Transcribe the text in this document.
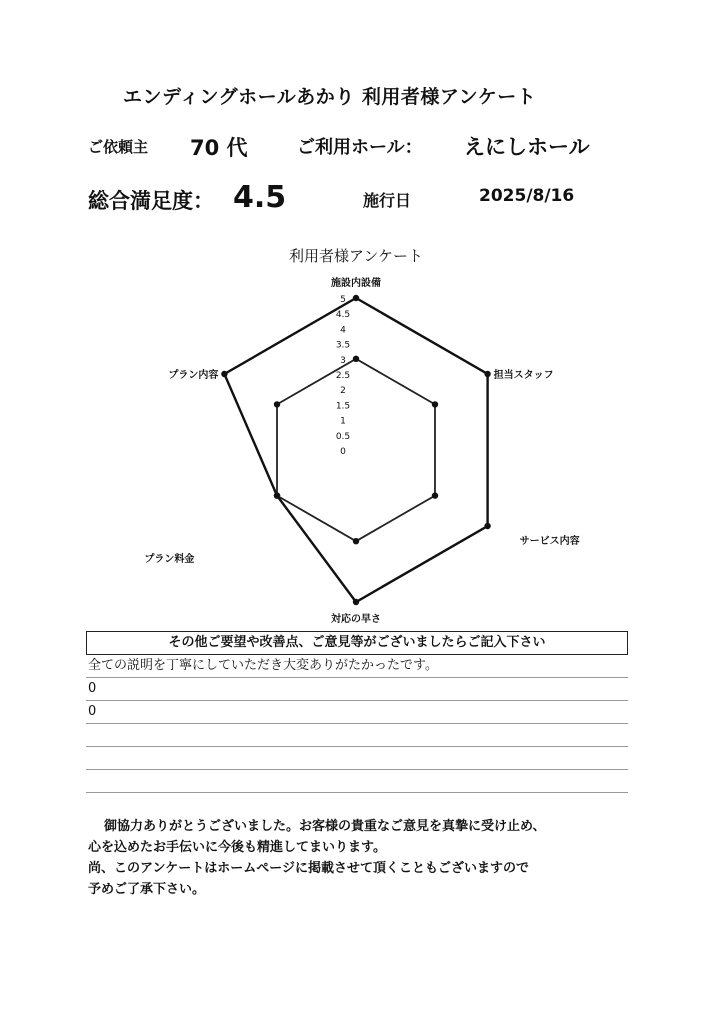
エンディングホールあかり 利用者様アンケート
ご依頼主 70 代	ご利用ホール： えにしホール
総合満足度： 4.5	施行日	2025/8/16
利用者様アンケート
5
4.5
4
3.5
3
2.5
2
1.5
1
0.5
0
施設内設備
担当スタッフ
サービス内容
対応の早さ
プラン料金
プラン内容
その他ご要望や改善点、ご意見等がございましたらご記入下さい
全ての説明を丁寧にしていただき大変ありがたかったです。
0
0
御協力ありがとうございました。お客様の貴重なご意見を真摯に受け止め、
心を込めたお手伝いに今後も精進してまいります。
尚、このアンケートはホームページに掲載させて頂くこともございますので
予めご了承下さい。
